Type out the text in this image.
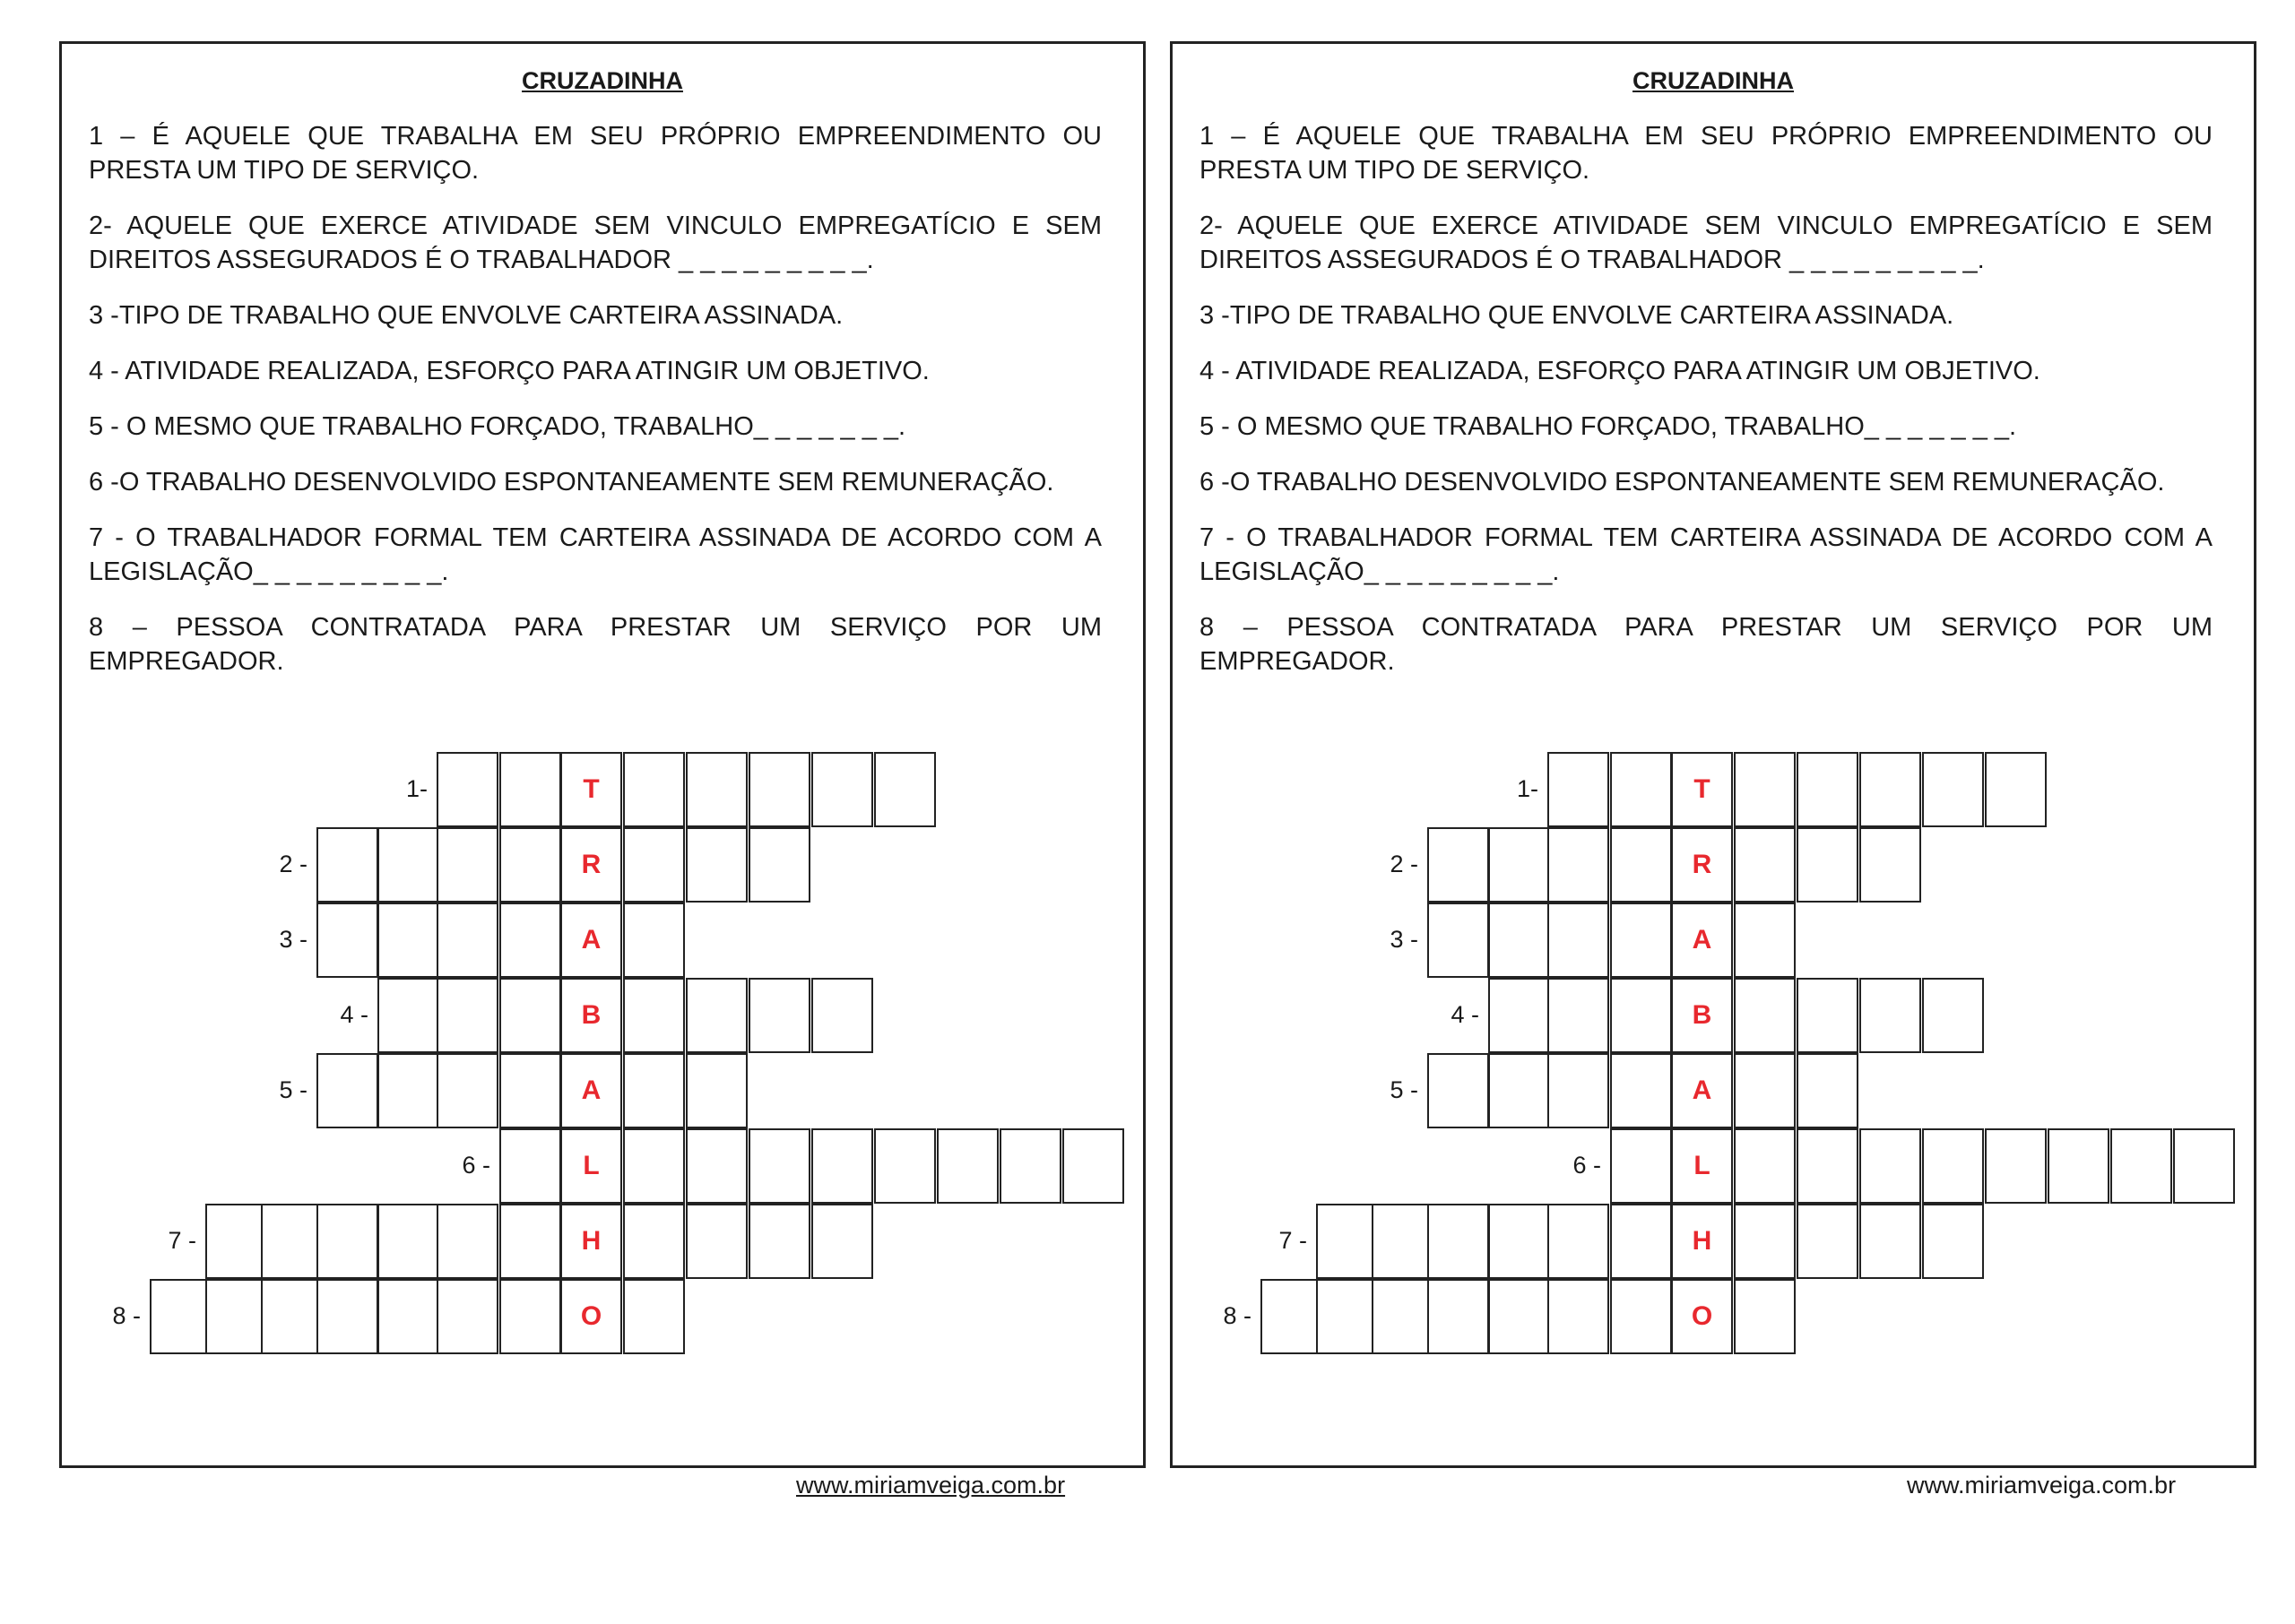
CRUZADINHA

1 – É AQUELE QUE TRABALHA EM SEU PRÓPRIO EMPREENDIMENTO OU PRESTA UM TIPO DE SERVIÇO.

2- AQUELE QUE EXERCE ATIVIDADE SEM VINCULO EMPREGATÍCIO E SEM DIREITOS ASSEGURADOS É O TRABALHADOR _ _ _ _ _ _ _ _ _.

3 -TIPO DE TRABALHO QUE ENVOLVE CARTEIRA ASSINADA.

4 - ATIVIDADE REALIZADA, ESFORÇO PARA ATINGIR UM OBJETIVO.

5 - O MESMO QUE TRABALHO FORÇADO, TRABALHO_ _ _ _ _ _ _.

6 -O TRABALHO DESENVOLVIDO ESPONTANEAMENTE SEM REMUNERAÇÃO.

7 - O TRABALHADOR FORMAL TEM CARTEIRA ASSINADA DE ACORDO COM A LEGISLAÇÃO_ _ _ _ _ _ _ _ _.

8 – PESSOA CONTRATADA PARA PRESTAR UM SERVIÇO POR UM EMPREGADOR.

1-	T
2 -	R
3 -	A
4 -	B
5 -	A
6 -	L
7 -	H
8 -	O
CRUZADINHA

1 – É AQUELE QUE TRABALHA EM SEU PRÓPRIO EMPREENDIMENTO OU PRESTA UM TIPO DE SERVIÇO.

2- AQUELE QUE EXERCE ATIVIDADE SEM VINCULO EMPREGATÍCIO E SEM DIREITOS ASSEGURADOS É O TRABALHADOR _ _ _ _ _ _ _ _ _.

3 -TIPO DE TRABALHO QUE ENVOLVE CARTEIRA ASSINADA.

4 - ATIVIDADE REALIZADA, ESFORÇO PARA ATINGIR UM OBJETIVO.

5 - O MESMO QUE TRABALHO FORÇADO, TRABALHO_ _ _ _ _ _ _.

6 -O TRABALHO DESENVOLVIDO ESPONTANEAMENTE SEM REMUNERAÇÃO.

7 - O TRABALHADOR FORMAL TEM CARTEIRA ASSINADA DE ACORDO COM A LEGISLAÇÃO_ _ _ _ _ _ _ _ _.

8 – PESSOA CONTRATADA PARA PRESTAR UM SERVIÇO POR UM EMPREGADOR.

1-	T
2 -	R
3 -	A
4 -	B
5 -	A
6 -	L
7 -	H
8 -	O
www.miriamveiga.com.br	www.miriamveiga.com.br
